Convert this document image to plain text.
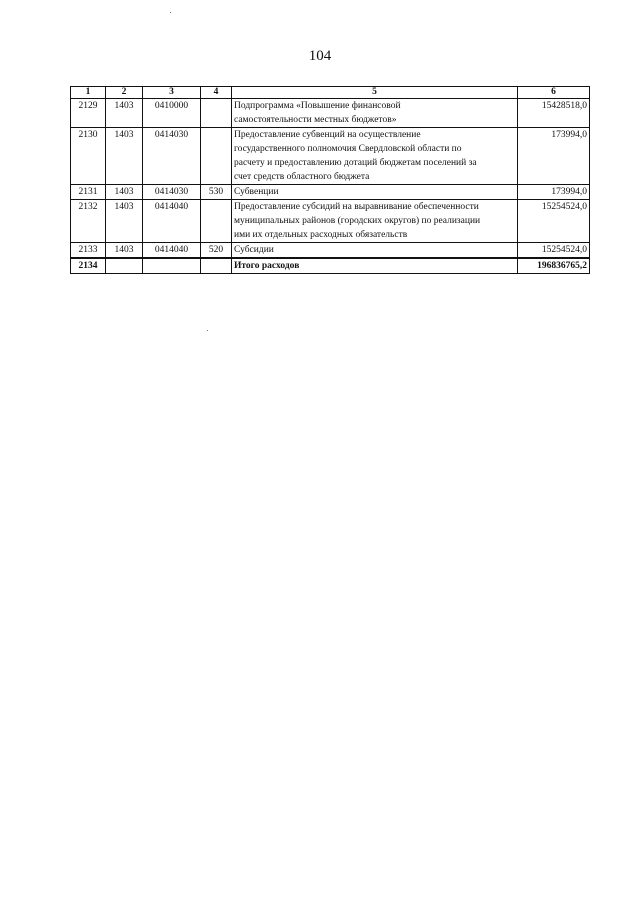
104
1	2	3	4	5	6
2129	1403	0410000		Подпрограмма «Повышение финансовой
самостоятельности местных бюджетов»	15428518,0
2130	1403	0414030		Предоставление субвенций на осуществление
государственного полномочия Свердловской области по
расчету и предоставлению дотаций бюджетам поселений за
счет средств областного бюджета	173994,0
2131	1403	0414030	530	Субвенции	173994,0
2132	1403	0414040		Предоставление субсидий на выравнивание обеспеченности
муниципальных районов (городских округов) по реализации
ими их отдельных расходных обязательств	15254524,0
2133	1403	0414040	520	Субсидии	15254524,0
2134				Итого расходов	196836765,2
